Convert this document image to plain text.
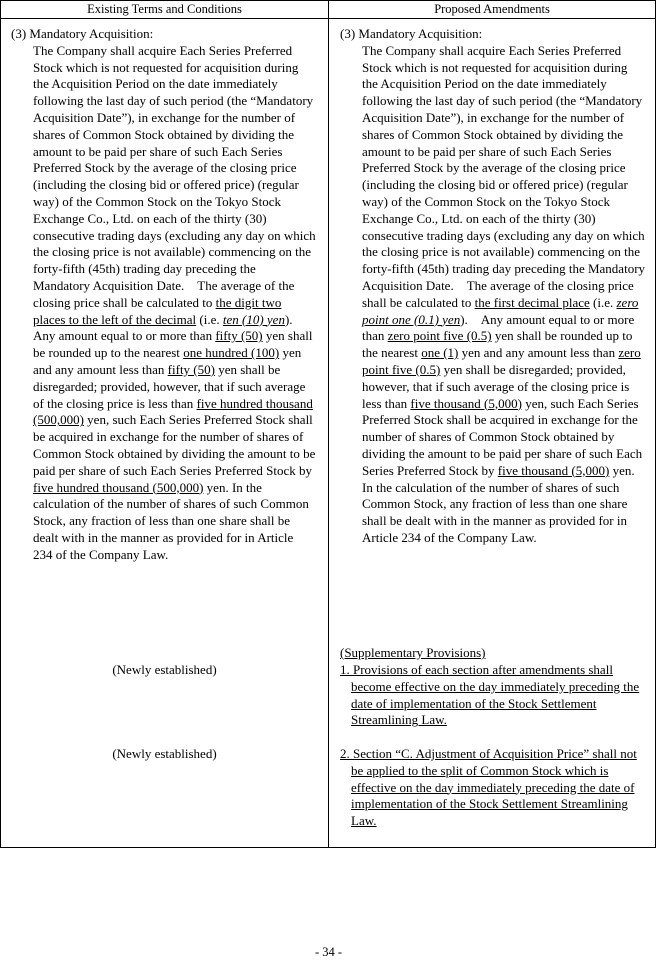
Existing Terms and Conditions	Proposed Amendments

(3) Mandatory Acquisition:

The Company shall acquire Each Series Preferred Stock which is not requested for acquisition during the Acquisition Period on the date immediately following the last day of such period (the “Mandatory Acquisition Date”), in exchange for the number of shares of Common Stock obtained by dividing the amount to be paid per share of such Each Series Preferred Stock by the average of the closing price (including the closing bid or offered price) (regular way) of the Common Stock on the Tokyo Stock Exchange Co., Ltd. on each of the thirty (30) consecutive trading days (excluding any day on which the closing price is not available) commencing on the forty-fifth (45th) trading day preceding the Mandatory Acquisition Date.    The average of the closing price shall be calculated to the digit two places to the left of the decimal (i.e. ten (10) yen). Any amount equal to or more than fifty (50) yen shall be rounded up to the nearest one hundred (100) yen and any amount less than fifty (50) yen shall be disregarded; provided, however, that if such average of the closing price is less than five hundred thousand (500,000) yen, such Each Series Preferred Stock shall be acquired in exchange for the number of shares of Common Stock obtained by dividing the amount to be paid per share of such Each Series Preferred Stock by five hundred thousand (500,000) yen. In the calculation of the number of shares of such Common Stock, any fraction of less than one share shall be dealt with in the manner as provided for in Article 234 of the Company Law.

(Newly established)
(Newly established)

(3) Mandatory Acquisition:

The Company shall acquire Each Series Preferred Stock which is not requested for acquisition during the Acquisition Period on the date immediately following the last day of such period (the “Mandatory Acquisition Date”), in exchange for the number of shares of Common Stock obtained by dividing the amount to be paid per share of such Each Series Preferred Stock by the average of the closing price (including the closing bid or offered price) (regular way) of the Common Stock on the Tokyo Stock Exchange Co., Ltd. on each of the thirty (30) consecutive trading days (excluding any day on which the closing price is not available) commencing on the forty-fifth (45th) trading day preceding the Mandatory Acquisition Date.    The average of the closing price shall be calculated to the first decimal place (i.e. zero point one (0.1) yen).    Any amount equal to or more than zero point five (0.5) yen shall be rounded up to the nearest one (1) yen and any amount less than zero point five (0.5) yen shall be disregarded; provided, however, that if such average of the closing price is less than five thousand (5,000) yen, such Each Series Preferred Stock shall be acquired in exchange for the number of shares of Common Stock obtained by dividing the amount to be paid per share of such Each Series Preferred Stock by five thousand (5,000) yen. In the calculation of the number of shares of such Common Stock, any fraction of less than one share shall be dealt with in the manner as provided for in Article 234 of the Company Law.

(Supplementary Provisions)

1. Provisions of each section after amendments shall become effective on the day immediately preceding the date of implementation of the Stock Settlement Streamlining Law.

2. Section “C. Adjustment of Acquisition Price” shall not be applied to the split of Common Stock which is effective on the day immediately preceding the date of implementation of the Stock Settlement Streamlining Law.

- 34 -
